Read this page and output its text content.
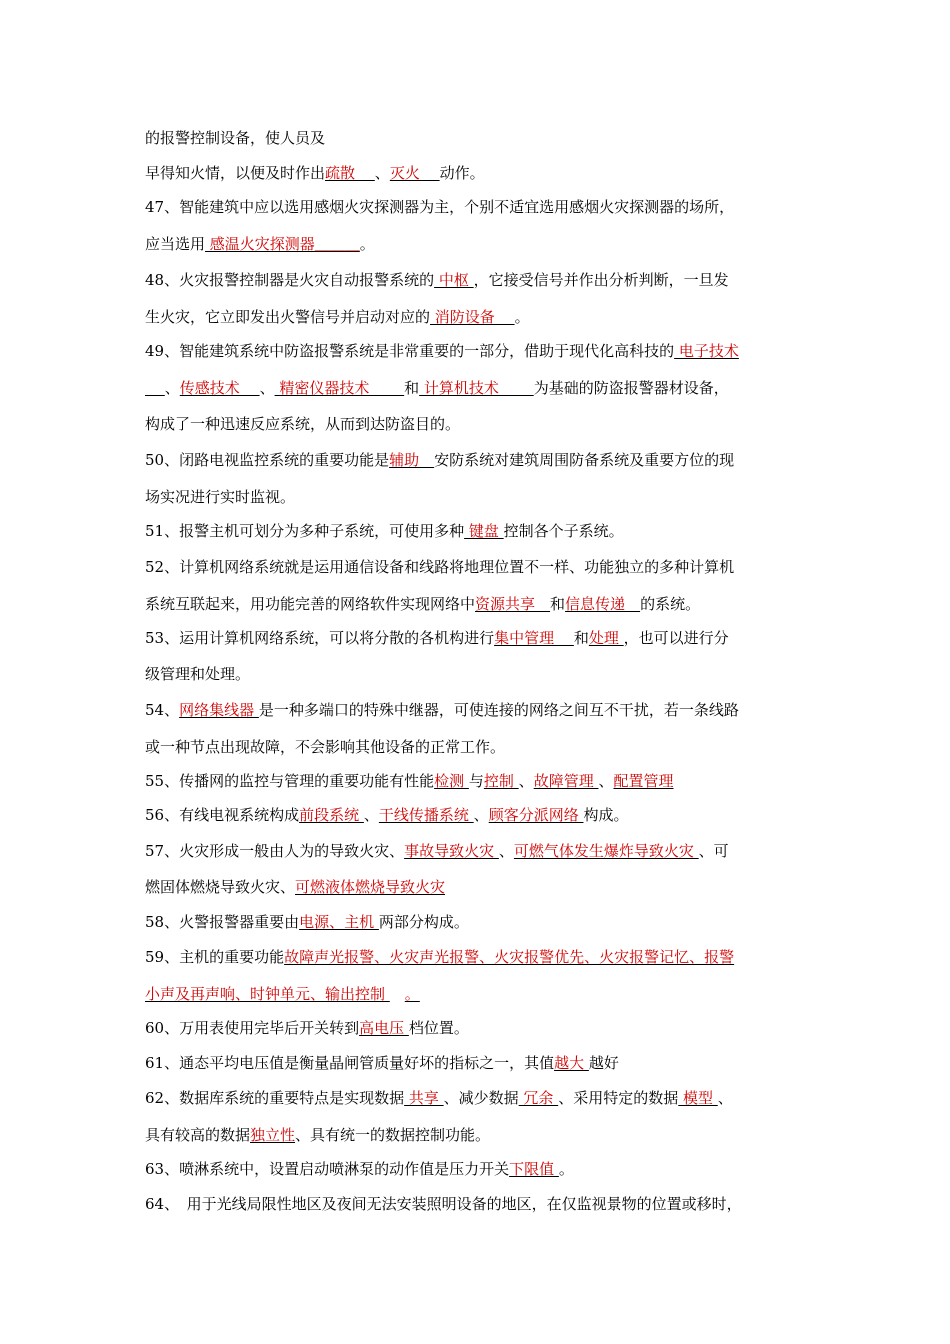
的报警控制设备，使人员及
早得知火情，以便及时作出疏散　 、灭火　 动作。
47、智能建筑中应以选用感烟火灾探测器为主，个别不适宜选用感烟火灾探测器的场所，
应当选用 感温火灾探测器＿＿＿。
48、火灾报警控制器是火灾自动报警系统的 中枢 ，它接受信号并作出分析判断，一旦发
生火灾，它立即发出火警信号并启动对应的 消防设备　 。
49、智能建筑系统中防盗报警系统是非常重要的一部分，借助于现代化高科技的 电子技术
　 、传感技术　 、 精密仪器技术　　 和 计算机技术　　 为基础的防盗报警器材设备，
构成了一种迅速反应系统，从而到达防盗目的。
50、闭路电视监控系统的重要功能是辅助　安防系统对建筑周围防备系统及重要方位的现
场实况进行实时监视。
51、报警主机可划分为多种子系统，可使用多种 键盘 控制各个子系统。
52、计算机网络系统就是运用通信设备和线路将地理位置不一样、功能独立的多种计算机
系统互联起来，用功能完善的网络软件实现网络中资源共享　和信息传递　的系统。
53、运用计算机网络系统，可以将分散的各机构进行集中管理　 和处理 ，也可以进行分
级管理和处理。
54、网络集线器 是一种多端口的特殊中继器，可使连接的网络之间互不干扰，若一条线路
或一种节点出现故障，不会影响其他设备的正常工作。
55、传播网的监控与管理的重要功能有性能检测 与控制 、故障管理 、配置管理
56、有线电视系统构成前段系统 、干线传播系统 、顾客分派网络 构成。
57、火灾形成一般由人为的导致火灾、事故导致火灾 、可燃气体发生爆炸导致火灾 、可
燃固体燃烧导致火灾、可燃液体燃烧导致火灾
58、火警报警器重要由电源、主机 两部分构成。
59、主机的重要功能故障声光报警、火灾声光报警、火灾报警优先、火灾报警记忆、报警
小声及再声响、时钟单元、输出控制 　。
60、万用表使用完毕后开关转到高电压 档位置。
61、通态平均电压值是衡量晶闸管质量好坏的指标之一，其值越大 越好
62、数据库系统的重要特点是实现数据 共享 、减少数据 冗余 、采用特定的数据 模型 、
具有较高的数据独立性、具有统一的数据控制功能。
63、喷淋系统中，设置启动喷淋泵的动作值是压力开关下限值 。
64、　用于光线局限性地区及夜间无法安装照明设备的地区，在仅监视景物的位置或移时，
